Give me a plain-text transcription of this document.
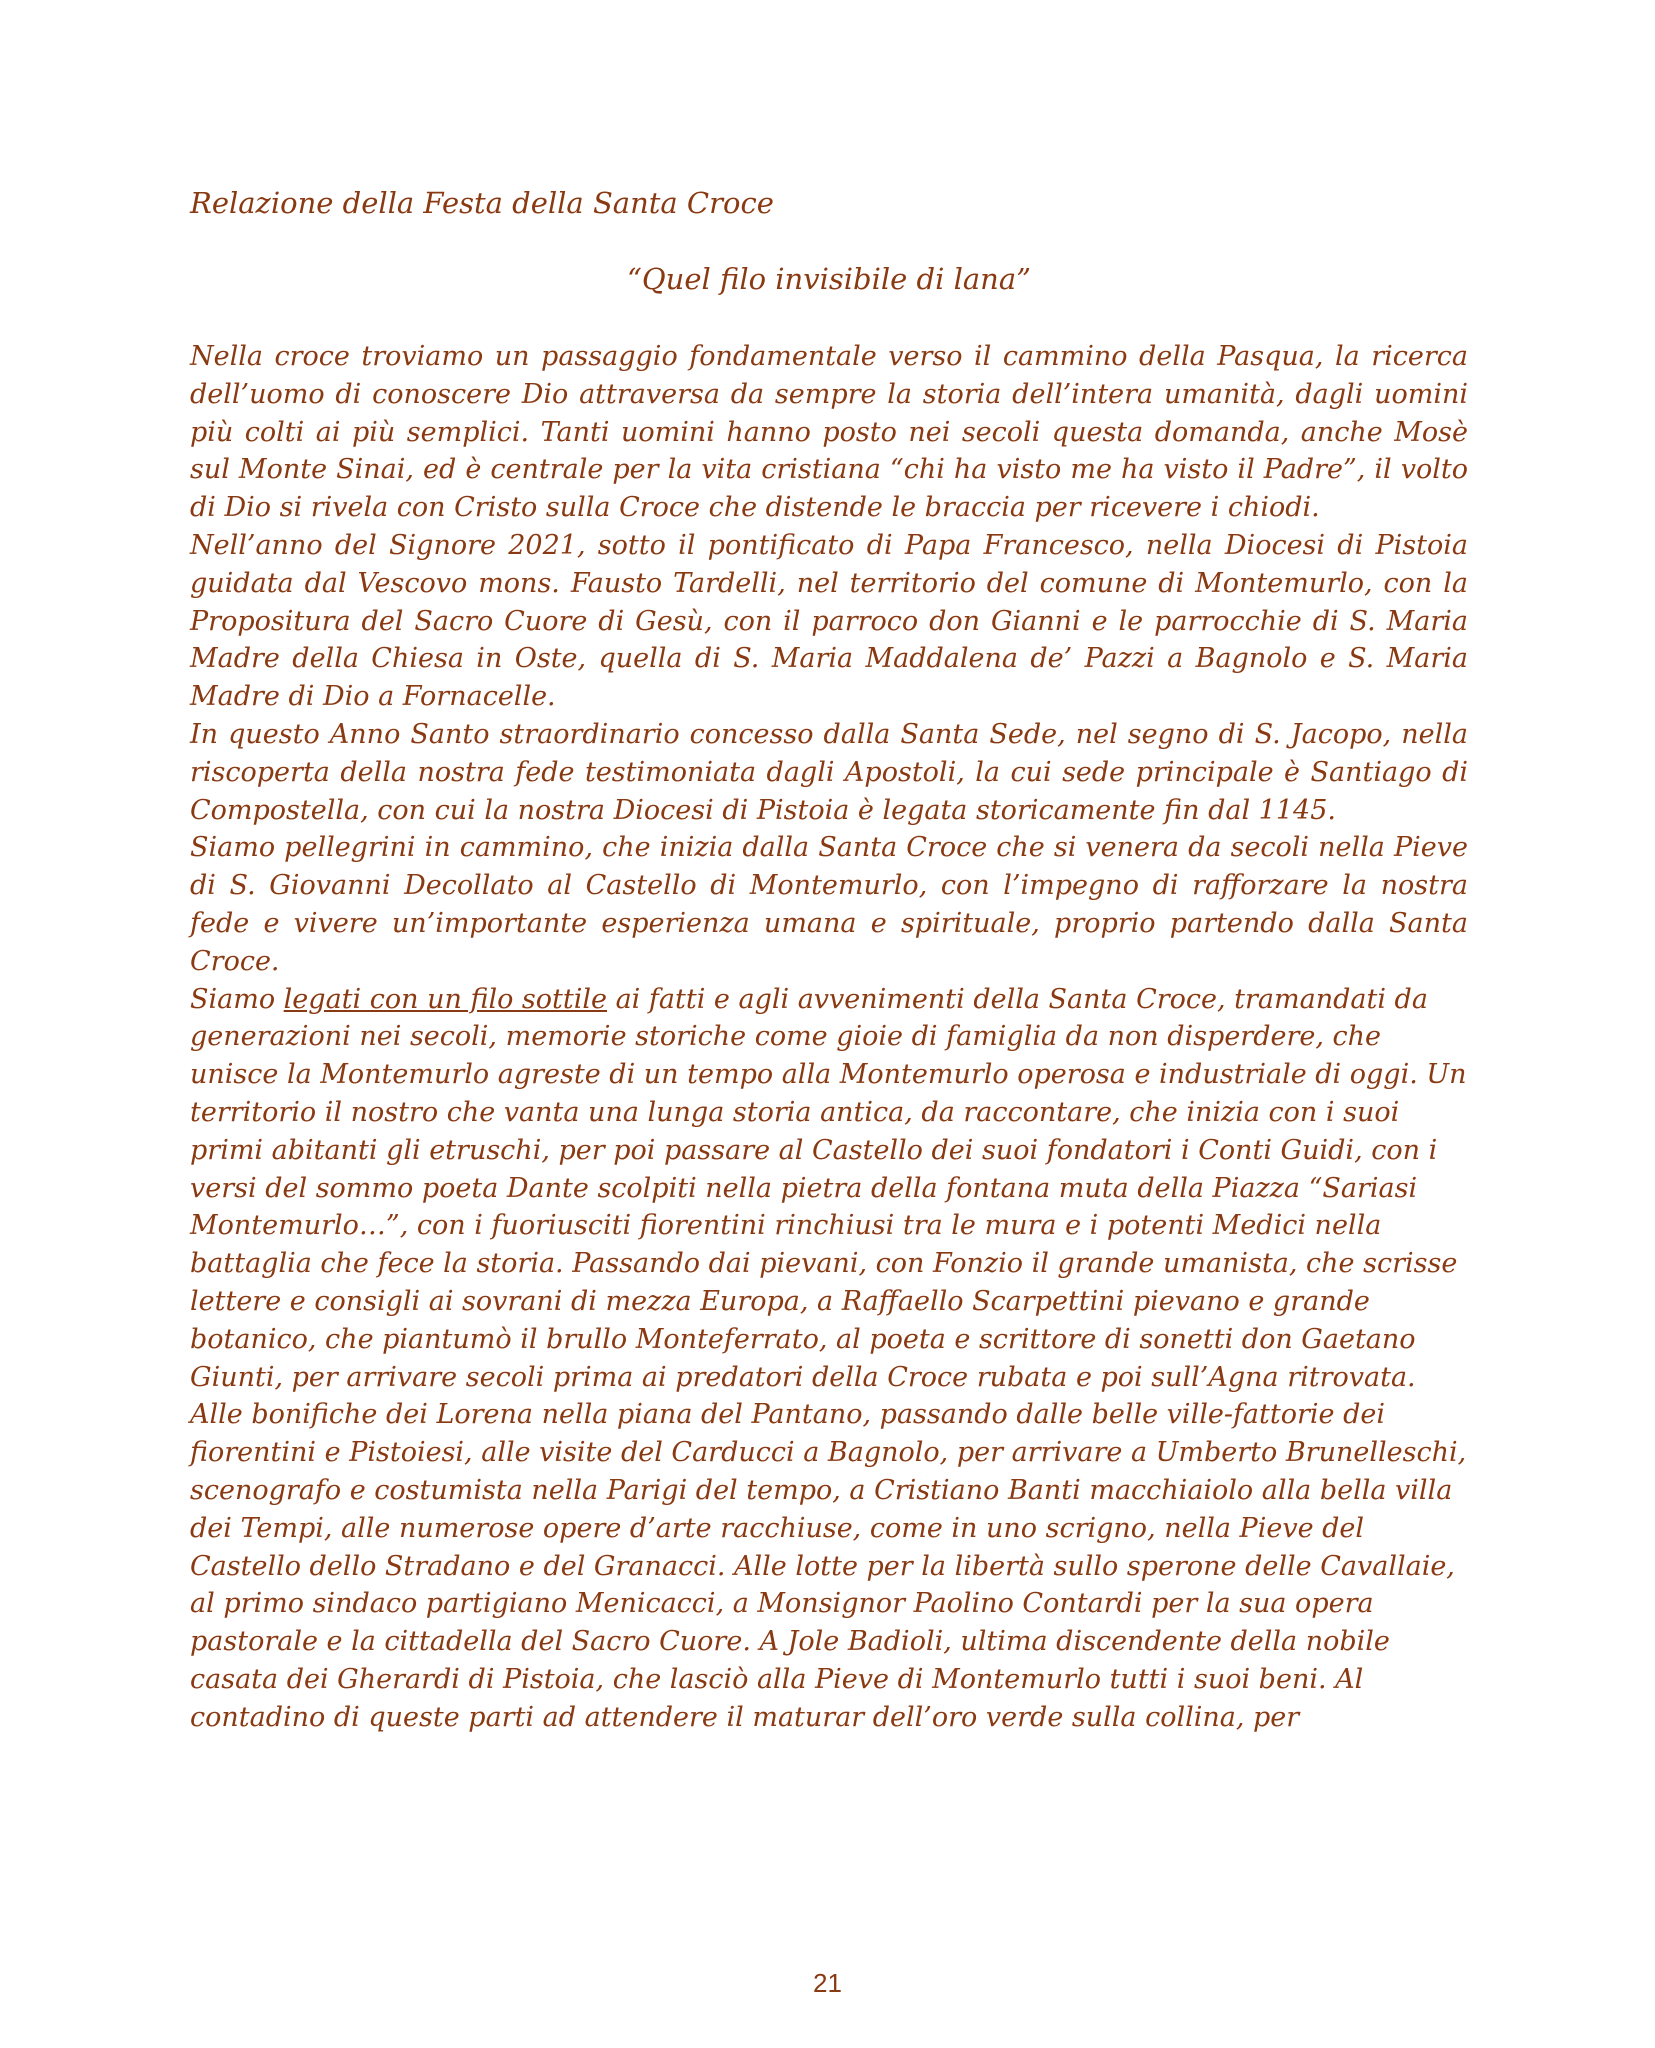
Relazione della Festa della Santa Croce
“Quel filo invisibile di lana”

Nella croce troviamo un passaggio fondamentale verso il cammino della Pasqua, la ricerca dell’uomo di conoscere Dio attraversa da sempre la storia dell’intera umanità, dagli uomini più colti ai più semplici. Tanti uomini hanno posto nei secoli questa domanda, anche Mosè sul Monte Sinai, ed è centrale per la vita cristiana “chi ha visto me ha visto il Padre”, il volto di Dio si rivela con Cristo sulla Croce che distende le braccia per ricevere i chiodi.

Nell’anno del Signore 2021, sotto il pontificato di Papa Francesco, nella Diocesi di Pistoia guidata dal Vescovo mons. Fausto Tardelli, nel territorio del comune di Montemurlo, con la Propositura del Sacro Cuore di Gesù, con il parroco don Gianni e le parrocchie di S. Maria Madre della Chiesa in Oste, quella di S. Maria Maddalena de’ Pazzi a Bagnolo e S. Maria Madre di Dio a Fornacelle.

In questo Anno Santo straordinario concesso dalla Santa Sede, nel segno di S. Jacopo, nella riscoperta della nostra fede testimoniata dagli Apostoli, la cui sede principale è Santiago di Compostella, con cui la nostra Diocesi di Pistoia è legata storicamente fin dal 1145.

Siamo pellegrini in cammino, che inizia dalla Santa Croce che si venera da secoli nella Pieve di S. Giovanni Decollato al Castello di Montemurlo, con l’impegno di rafforzare la nostra fede e vivere un’importante esperienza umana e spirituale, proprio partendo dalla Santa Croce.

Siamo legati con un filo sottile ai fatti e agli avvenimenti della Santa Croce, tramandati da generazioni nei secoli, memorie storiche come gioie di famiglia da non disperdere, che unisce la Montemurlo agreste di un tempo alla Montemurlo operosa e industriale di oggi. Un territorio il nostro che vanta una lunga storia antica, da raccontare, che inizia con i suoi primi abitanti gli etruschi, per poi passare al Castello dei suoi fondatori i Conti Guidi, con i versi del sommo poeta Dante scolpiti nella pietra della fontana muta della Piazza “Sariasi Montemurlo…”, con i fuoriusciti fiorentini rinchiusi tra le mura e i potenti Medici nella battaglia che fece la storia. Passando dai pievani, con Fonzio il grande umanista, che scrisse lettere e consigli ai sovrani di mezza Europa, a Raffaello Scarpettini pievano e grande botanico, che piantumò il brullo Monteferrato, al poeta e scrittore di sonetti don Gaetano Giunti, per arrivare secoli prima ai predatori della Croce rubata e poi sull’Agna ritrovata. Alle bonifiche dei Lorena nella piana del Pantano, passando dalle belle ville-fattorie dei fiorentini e Pistoiesi, alle visite del Carducci a Bagnolo, per arrivare a Umberto Brunelleschi, scenografo e costumista nella Parigi del tempo, a Cristiano Banti macchiaiolo alla bella villa dei Tempi, alle numerose opere d’arte racchiuse, come in uno scrigno, nella Pieve del Castello dello Stradano e del Granacci. Alle lotte per la libertà sullo sperone delle Cavallaie, al primo sindaco partigiano Menicacci, a Monsignor Paolino Contardi per la sua opera pastorale e la cittadella del Sacro Cuore. A Jole Badioli, ultima discendente della nobile casata dei Gherardi di Pistoia, che lasciò alla Pieve di Montemurlo tutti i suoi beni. Al contadino di queste parti ad attendere il maturar dell’oro verde sulla collina, per

21
